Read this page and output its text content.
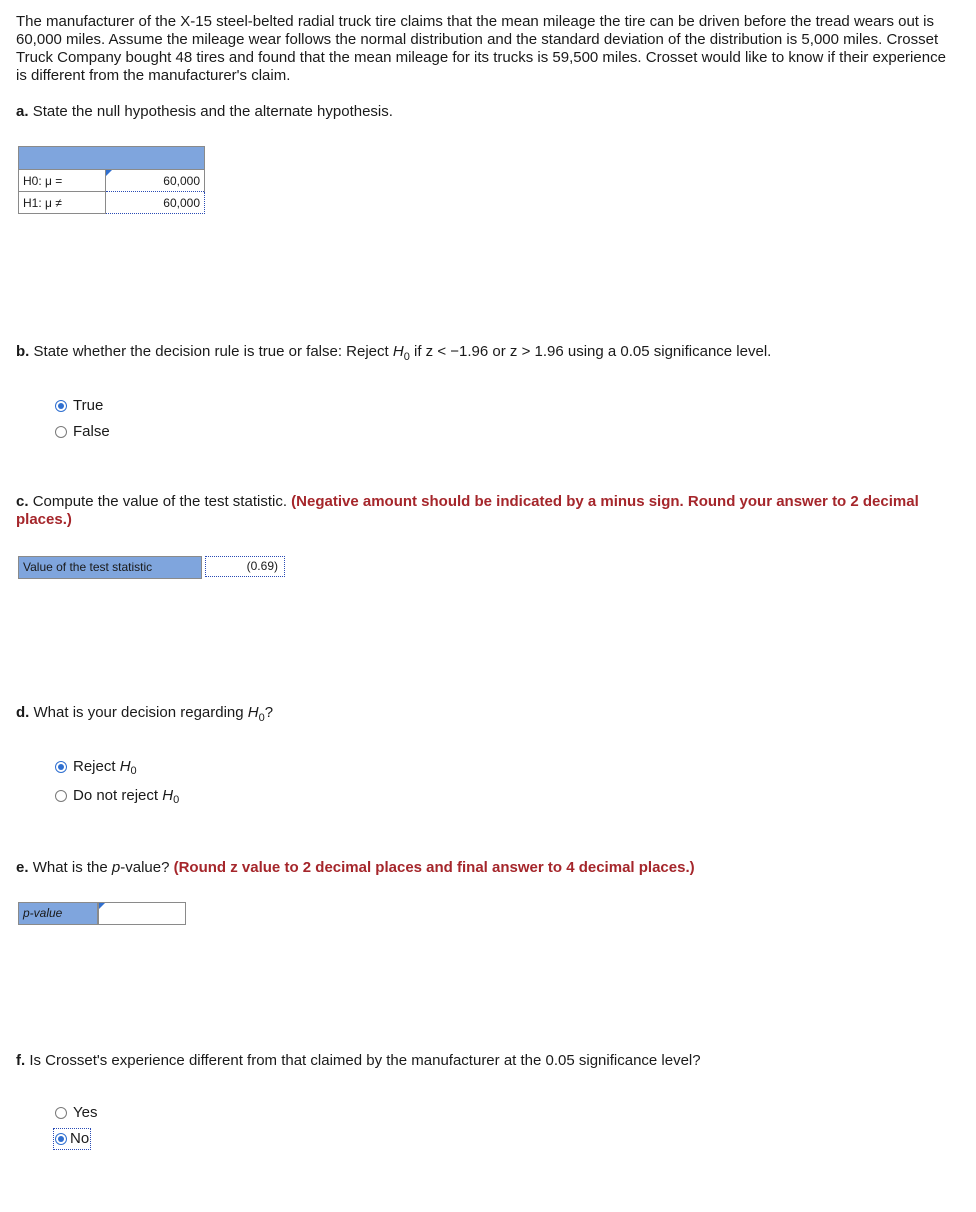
The manufacturer of the X-15 steel-belted radial truck tire claims that the mean mileage the tire can be driven before the tread wears out is 60,000 miles. Assume the mileage wear follows the normal distribution and the standard deviation of the distribution is 5,000 miles. Crosset Truck Company bought 48 tires and found that the mean mileage for its trucks is 59,500 miles. Crosset would like to know if their experience is different from the manufacturer's claim.

a. State the null hypothesis and the alternate hypothesis.

H0: μ =	60,000
H1: μ ≠	60,000

b. State whether the decision rule is true or false: Reject $H_0$ if z < −1.96 or z > 1.96 using a 0.05 significance level.

True
False

c. Compute the value of the test statistic. (Negative amount should be indicated by a minus sign. Round your answer to 2 decimal places.)

Value of the test statistic	(0.69)

d. What is your decision regarding $H_0$?

Reject
H 0
Do not reject
H 0

e. What is the p-value? (Round z value to 2 decimal places and final answer to 4 decimal places.)

p-value

f. Is Crosset's experience different from that claimed by the manufacturer at the 0.05 significance level?

Yes
No
